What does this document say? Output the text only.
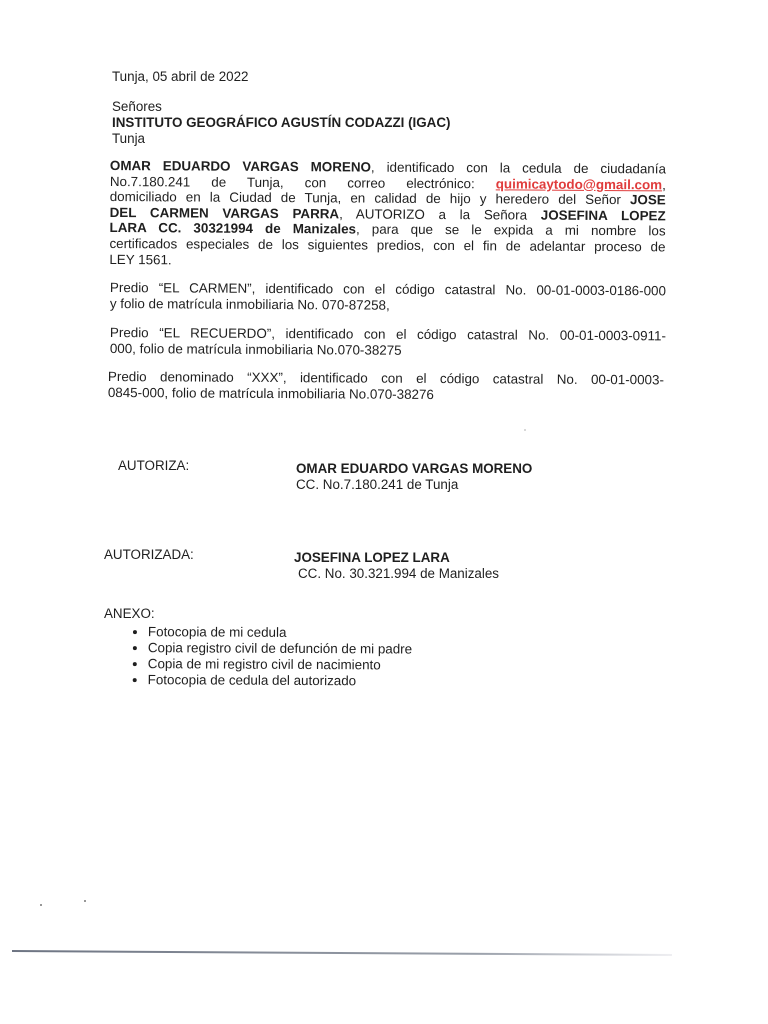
Tunja, 05 abril de 2022
Señores
INSTITUTO GEOGRÁFICO AGUSTÍN CODAZZI (IGAC)
Tunja

OMAR EDUARDO VARGAS MORENO, identificado con la cedula de ciudadanía

No.7.180.241 de Tunja, con correo electrónico: quimicaytodo@gmail.com,

domiciliado en la Ciudad de Tunja, en calidad de hijo y heredero del Señor JOSE

DEL CARMEN VARGAS PARRA, AUTORIZO a la Señora JOSEFINA LOPEZ

LARA CC. 30321994 de Manizales, para que se le expida a mi nombre los

certificados especiales de los siguientes predios, con el fin de adelantar proceso de

LEY 1561.

Predio “EL CARMEN”, identificado con el código catastral No. 00-01-0003-0186-000

y folio de matrícula inmobiliaria No. 070-87258,

Predio “EL RECUERDO”, identificado con el código catastral No. 00-01-0003-0911-

000, folio de matrícula inmobiliaria No.070-38275

Predio denominado “XXX”, identificado con el código catastral No. 00-01-0003-

0845-000, folio de matrícula inmobiliaria No.070-38276

AUTORIZA:	OMAR EDUARDO VARGAS MORENO
CC. No.7.180.241 de Tunja
AUTORIZADA:	JOSEFINA LOPEZ LARA
CC. No. 30.321.994 de Manizales
ANEXO:
• Fotocopia de mi cedula
• Copia registro civil de defunción de mi padre
• Copia de mi registro civil de nacimiento
• Fotocopia de cedula del autorizado
